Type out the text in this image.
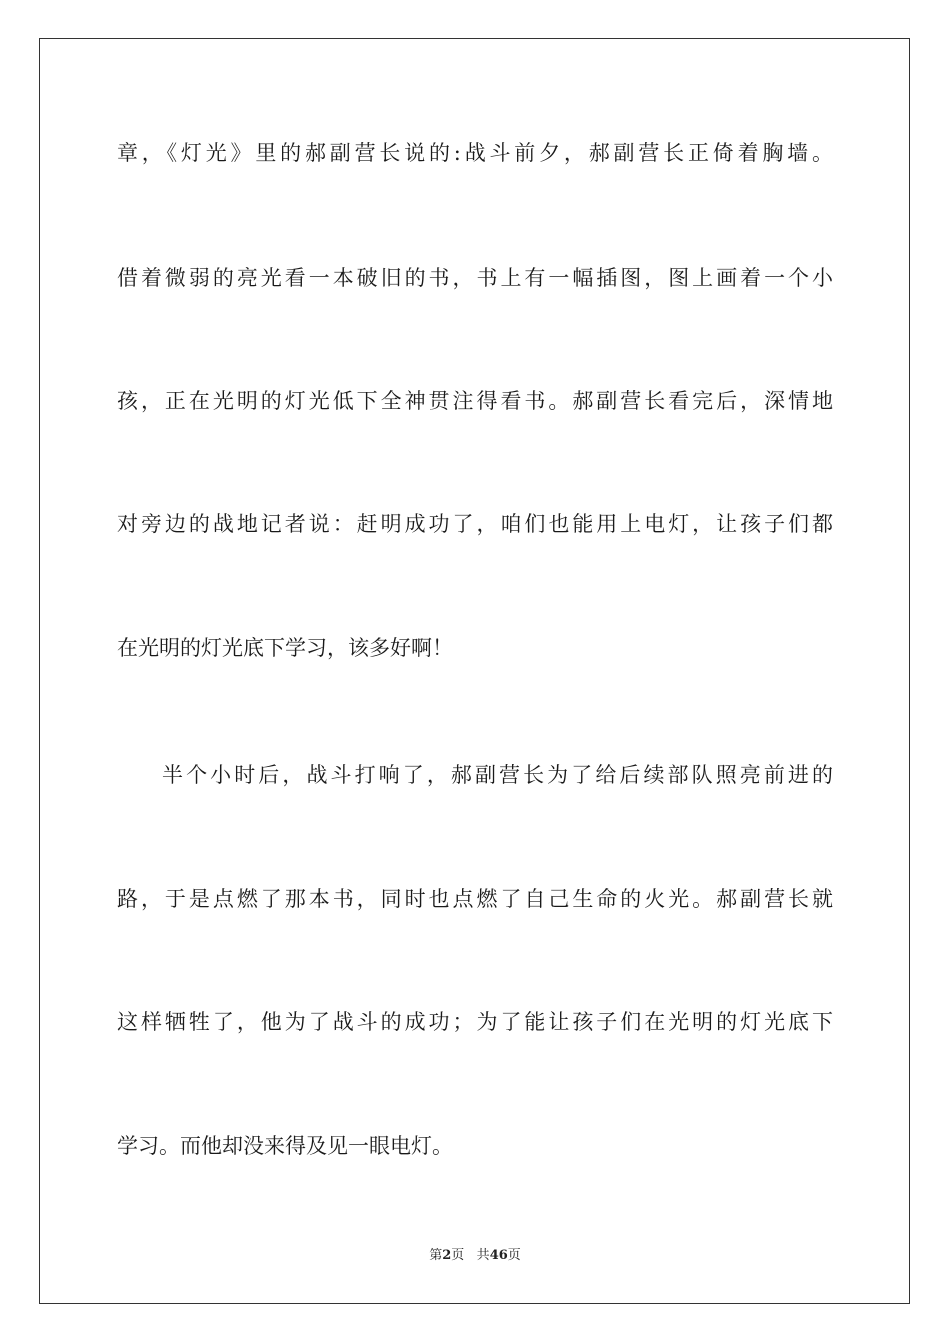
章，《灯光》里的郝副营长说的:战斗前夕，郝副营长正倚着胸墙。
借着微弱的亮光看一本破旧的书，书上有一幅插图，图上画着一个小
孩，正在光明的灯光低下全神贯注得看书。郝副营长看完后，深情地
对旁边的战地记者说：赶明成功了，咱们也能用上电灯，让孩子们都
在光明的灯光底下学习，该多好啊！
半个小时后，战斗打响了，郝副营长为了给后续部队照亮前进的
路，于是点燃了那本书，同时也点燃了自己生命的火光。郝副营长就
这样牺牲了，他为了战斗的成功；为了能让孩子们在光明的灯光底下
学习。而他却没来得及见一眼电灯。
第2页 共46页
